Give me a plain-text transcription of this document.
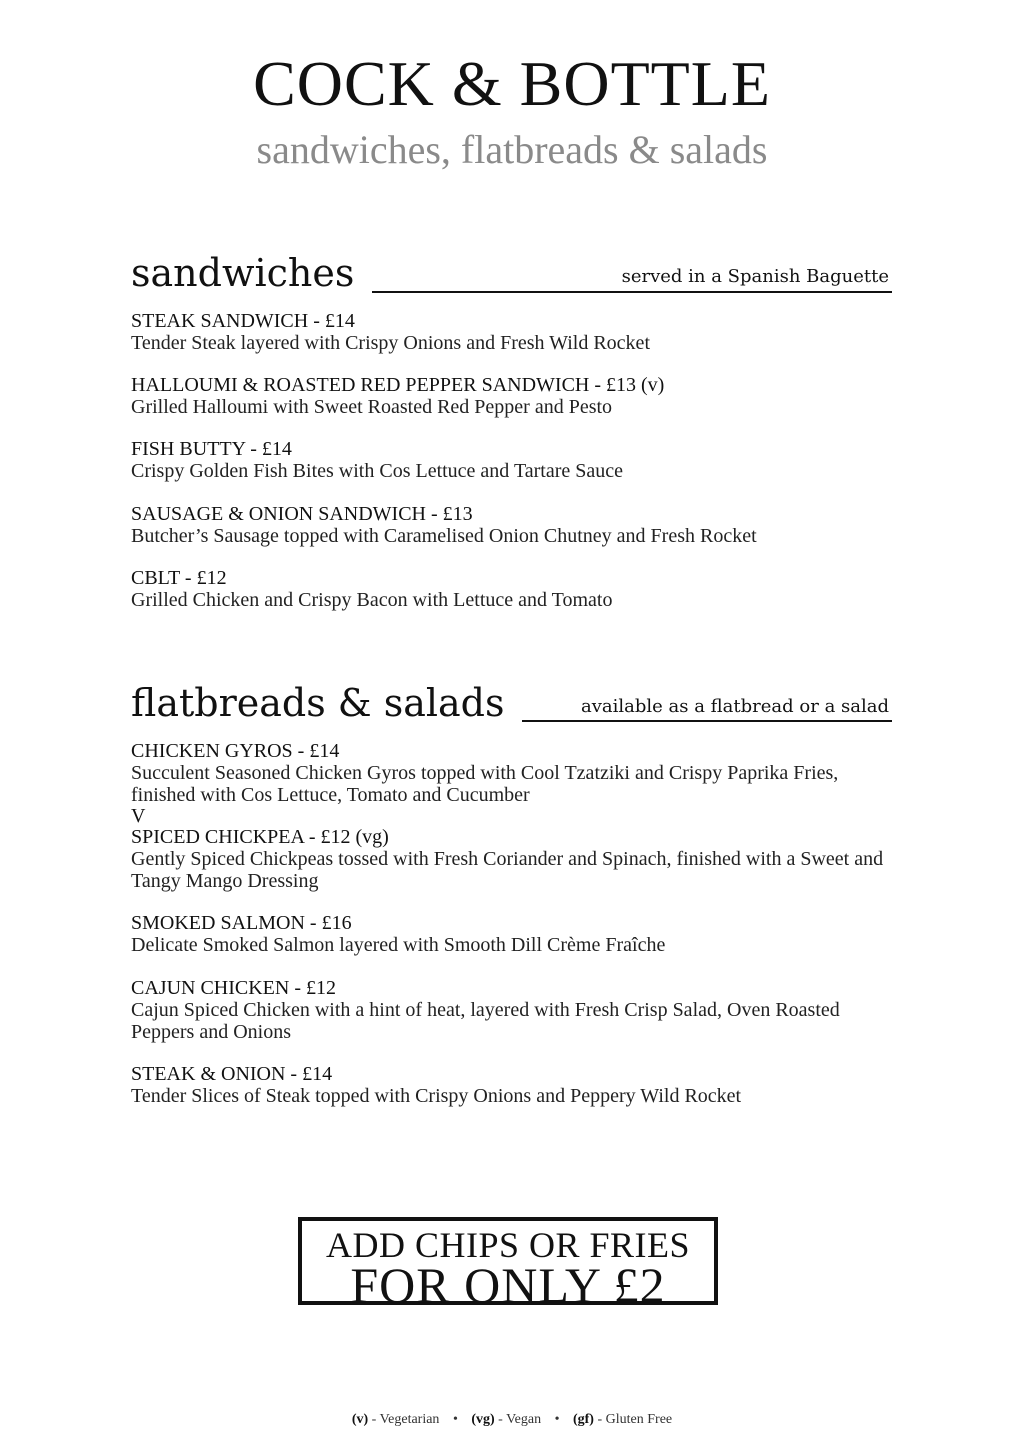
COCK & BOTTLE
sandwiches, flatbreads & salads
sandwiches	served in a Spanish Baguette
STEAK SANDWICH - £14
Tender Steak layered with Crispy Onions and Fresh Wild Rocket
HALLOUMI & ROASTED RED PEPPER SANDWICH - £13 (v)
Grilled Halloumi with Sweet Roasted Red Pepper and Pesto
FISH BUTTY - £14
Crispy Golden Fish Bites with Cos Lettuce and Tartare Sauce
SAUSAGE & ONION SANDWICH - £13
Butcher’s Sausage topped with Caramelised Onion Chutney and Fresh Rocket
CBLT - £12
Grilled Chicken and Crispy Bacon with Lettuce and Tomato
flatbreads & salads	available as a flatbread or a salad
CHICKEN GYROS - £14
Succulent Seasoned Chicken Gyros topped with Cool Tzatziki and Crispy Paprika Fries, finished with Cos Lettuce, Tomato and Cucumber
V
SPICED CHICKPEA - £12 (vg)
Gently Spiced Chickpeas tossed with Fresh Coriander and Spinach, finished with a Sweet and Tangy Mango Dressing
SMOKED SALMON - £16
Delicate Smoked Salmon layered with Smooth Dill Crème Fraîche
CAJUN CHICKEN - £12
Cajun Spiced Chicken with a hint of heat, layered with Fresh Crisp Salad, Oven Roasted Peppers and Onions
STEAK & ONION - £14
Tender Slices of Steak topped with Crispy Onions and Peppery Wild Rocket
ADD CHIPS OR FRIES
FOR ONLY £2
(v) - Vegetarian • (vg) - Vegan • (gf) - Gluten Free
